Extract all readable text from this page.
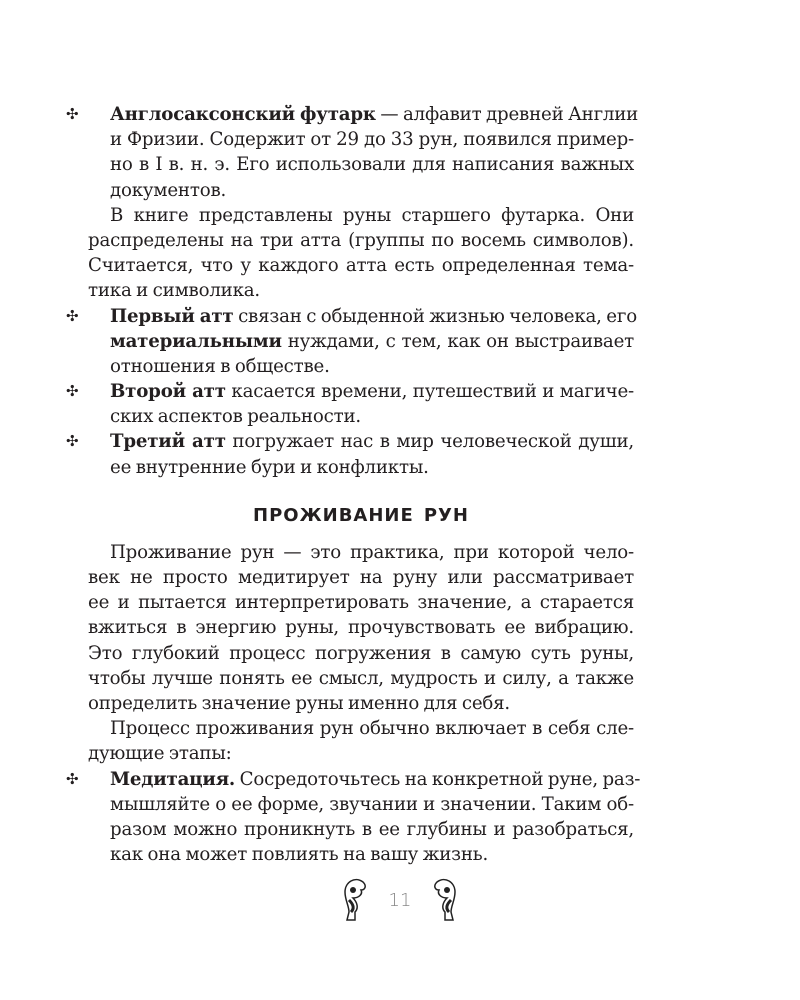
✣ Англосаксонский футарк — алфавит древней Англии
и Фризии. Содержит от 29 до 33 рун, появился пример-
но в I в. н. э. Его использовали для написания важных
документов.
В книге представлены руны старшего футарка. Они
распределены на три атта (группы по восемь символов).
Считается, что у каждого атта есть определенная тема-
тика и символика.
✣ Первый атт связан с обыденной жизнью человека, его
материальными нуждами, с тем, как он выстраивает
отношения в обществе.
✣ Второй атт касается времени, путешествий и магиче-
ских аспектов реальности.
✣ Третий атт погружает нас в мир человеческой души,
ее внутренние бури и конфликты.
проживание рун
Проживание рун — это практика, при которой чело-
век не просто медитирует на руну или рассматривает
ее и пытается интерпретировать значение, а старается
вжиться в энергию руны, прочувствовать ее вибрацию.
Это глубокий процесс погружения в самую суть руны,
чтобы лучше понять ее смысл, мудрость и силу, а также
определить значение руны именно для себя.
Процесс проживания рун обычно включает в себя сле-
дующие этапы:
✣ Медитация. Сосредоточьтесь на конкретной руне, раз-
мышляйте о ее форме, звучании и значении. Таким об-
разом можно проникнуть в ее глубины и разобраться,
как она может повлиять на вашу жизнь.
11
